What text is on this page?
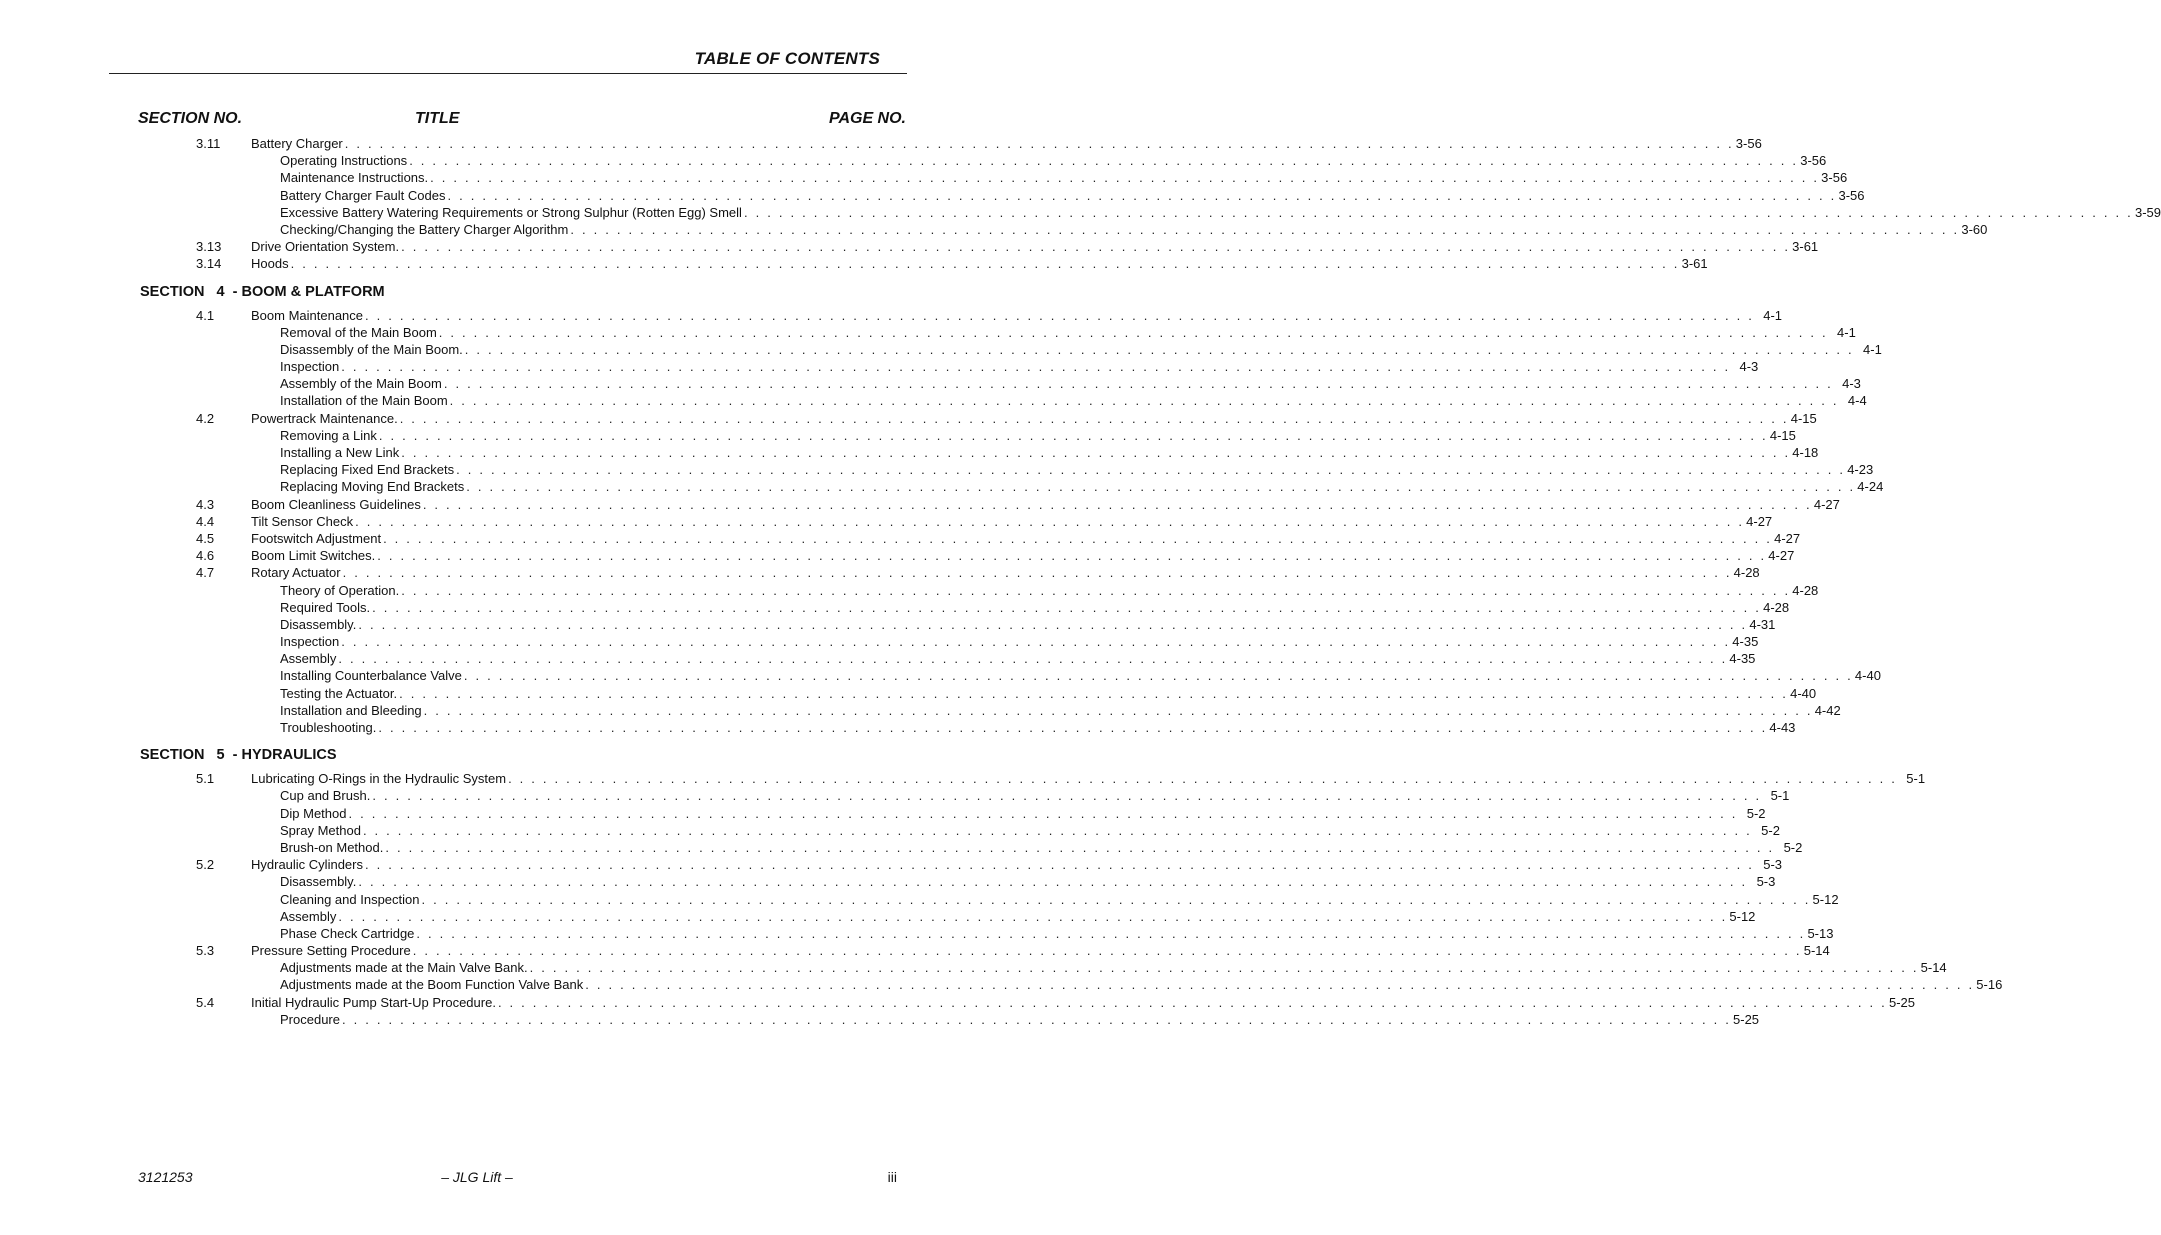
TABLE OF CONTENTS
SECTION NO.	TITLE	PAGE NO.
3.11 Battery Charger . . . . . . . . . . . . . . . . . . . . . . . . . . . . . . . . . . . . . . . . . . . . . . . . . . . . . . . . . . . . . . . . . . . . . . . . . . . . . . . . . . . . . . . . . . . . . . . . . . . . . . . . . . . . . . . . . . . . . . . . 3-56
Operating Instructions . . . . . . . . . . . . . . . . . . . . . . . . . . . . . . . . . . . . . . . . . . . . . . . . . . . . . . . . . . . . . . . . . . . . . . . . . . . . . . . . . . . . . . . . . . . . . . . . . . . . . . . . . . . . . . . . . . . . . . . . 3-56
Maintenance Instructions. . . . . . . . . . . . . . . . . . . . . . . . . . . . . . . . . . . . . . . . . . . . . . . . . . . . . . . . . . . . . . . . . . . . . . . . . . . . . . . . . . . . . . . . . . . . . . . . . . . . . . . . . . . . . . . . . . . . . . . . . 3-56
Battery Charger Fault Codes . . . . . . . . . . . . . . . . . . . . . . . . . . . . . . . . . . . . . . . . . . . . . . . . . . . . . . . . . . . . . . . . . . . . . . . . . . . . . . . . . . . . . . . . . . . . . . . . . . . . . . . . . . . . . . . . . . . . . . . . 3-56
Excessive Battery Watering Requirements or Strong Sulphur (Rotten Egg) Smell . . . . . . . . . . . . . . . . . . . . . . . . . . . . . . . . . . . . . . . . . . . . . . . . . . . . . . . . . . . . . . . . . . . . . . . . . . . . . . . . . . . . . . . . . . . . . . . . . . . . . . . . . . . . . . . . . . . . . . . . 3-59
Checking/Changing the Battery Charger Algorithm . . . . . . . . . . . . . . . . . . . . . . . . . . . . . . . . . . . . . . . . . . . . . . . . . . . . . . . . . . . . . . . . . . . . . . . . . . . . . . . . . . . . . . . . . . . . . . . . . . . . . . . . . . . . . . . . . . . . . . . . 3-60
3.13 Drive Orientation System. . . . . . . . . . . . . . . . . . . . . . . . . . . . . . . . . . . . . . . . . . . . . . . . . . . . . . . . . . . . . . . . . . . . . . . . . . . . . . . . . . . . . . . . . . . . . . . . . . . . . . . . . . . . . . . . . . . . . . . . . 3-61
3.14 Hoods . . . . . . . . . . . . . . . . . . . . . . . . . . . . . . . . . . . . . . . . . . . . . . . . . . . . . . . . . . . . . . . . . . . . . . . . . . . . . . . . . . . . . . . . . . . . . . . . . . . . . . . . . . . . . . . . . . . . . . . . 3-61
SECTION   4  - BOOM & PLATFORM
4.1	Boom Maintenance . . . . . . . . . . . . . . . . . . . . . . . . . . . . . . . . . . . . . . . . . . . . . . . . . . . . . . . . . . . . . . . . . . . . . . . . . . . . . . . . . . . . . . . . . . . . . . . . . . . . . . . . . . . . . . . . . . . . . . . . 4-1
Removal of the Main Boom . . . . . . . . . . . . . . . . . . . . . . . . . . . . . . . . . . . . . . . . . . . . . . . . . . . . . . . . . . . . . . . . . . . . . . . . . . . . . . . . . . . . . . . . . . . . . . . . . . . . . . . . . . . . . . . . . . . . . . . . 4-1
Disassembly of the Main Boom. . . . . . . . . . . . . . . . . . . . . . . . . . . . . . . . . . . . . . . . . . . . . . . . . . . . . . . . . . . . . . . . . . . . . . . . . . . . . . . . . . . . . . . . . . . . . . . . . . . . . . . . . . . . . . . . . . . . . . . . . 4-1
Inspection . . . . . . . . . . . . . . . . . . . . . . . . . . . . . . . . . . . . . . . . . . . . . . . . . . . . . . . . . . . . . . . . . . . . . . . . . . . . . . . . . . . . . . . . . . . . . . . . . . . . . . . . . . . . . . . . . . . . . . . . 4-3
Assembly of the Main Boom . . . . . . . . . . . . . . . . . . . . . . . . . . . . . . . . . . . . . . . . . . . . . . . . . . . . . . . . . . . . . . . . . . . . . . . . . . . . . . . . . . . . . . . . . . . . . . . . . . . . . . . . . . . . . . . . . . . . . . . . 4-3
Installation of the Main Boom . . . . . . . . . . . . . . . . . . . . . . . . . . . . . . . . . . . . . . . . . . . . . . . . . . . . . . . . . . . . . . . . . . . . . . . . . . . . . . . . . . . . . . . . . . . . . . . . . . . . . . . . . . . . . . . . . . . . . . . . 4-4
4.2	Powertrack Maintenance. . . . . . . . . . . . . . . . . . . . . . . . . . . . . . . . . . . . . . . . . . . . . . . . . . . . . . . . . . . . . . . . . . . . . . . . . . . . . . . . . . . . . . . . . . . . . . . . . . . . . . . . . . . . . . . . . . . . . . . . . 4-15
Removing a Link . . . . . . . . . . . . . . . . . . . . . . . . . . . . . . . . . . . . . . . . . . . . . . . . . . . . . . . . . . . . . . . . . . . . . . . . . . . . . . . . . . . . . . . . . . . . . . . . . . . . . . . . . . . . . . . . . . . . . . . . 4-15
Installing a New Link . . . . . . . . . . . . . . . . . . . . . . . . . . . . . . . . . . . . . . . . . . . . . . . . . . . . . . . . . . . . . . . . . . . . . . . . . . . . . . . . . . . . . . . . . . . . . . . . . . . . . . . . . . . . . . . . . . . . . . . . 4-18
Replacing Fixed End Brackets . . . . . . . . . . . . . . . . . . . . . . . . . . . . . . . . . . . . . . . . . . . . . . . . . . . . . . . . . . . . . . . . . . . . . . . . . . . . . . . . . . . . . . . . . . . . . . . . . . . . . . . . . . . . . . . . . . . . . . . . 4-23
Replacing Moving End Brackets . . . . . . . . . . . . . . . . . . . . . . . . . . . . . . . . . . . . . . . . . . . . . . . . . . . . . . . . . . . . . . . . . . . . . . . . . . . . . . . . . . . . . . . . . . . . . . . . . . . . . . . . . . . . . . . . . . . . . . . . 4-24
4.3	Boom Cleanliness Guidelines . . . . . . . . . . . . . . . . . . . . . . . . . . . . . . . . . . . . . . . . . . . . . . . . . . . . . . . . . . . . . . . . . . . . . . . . . . . . . . . . . . . . . . . . . . . . . . . . . . . . . . . . . . . . . . . . . . . . . . . . 4-27
4.4	Tilt Sensor Check . . . . . . . . . . . . . . . . . . . . . . . . . . . . . . . . . . . . . . . . . . . . . . . . . . . . . . . . . . . . . . . . . . . . . . . . . . . . . . . . . . . . . . . . . . . . . . . . . . . . . . . . . . . . . . . . . . . . . . . . 4-27
4.5	Footswitch Adjustment . . . . . . . . . . . . . . . . . . . . . . . . . . . . . . . . . . . . . . . . . . . . . . . . . . . . . . . . . . . . . . . . . . . . . . . . . . . . . . . . . . . . . . . . . . . . . . . . . . . . . . . . . . . . . . . . . . . . . . . . 4-27
4.6	Boom Limit Switches. . . . . . . . . . . . . . . . . . . . . . . . . . . . . . . . . . . . . . . . . . . . . . . . . . . . . . . . . . . . . . . . . . . . . . . . . . . . . . . . . . . . . . . . . . . . . . . . . . . . . . . . . . . . . . . . . . . . . . . . . 4-27
4.7	Rotary Actuator . . . . . . . . . . . . . . . . . . . . . . . . . . . . . . . . . . . . . . . . . . . . . . . . . . . . . . . . . . . . . . . . . . . . . . . . . . . . . . . . . . . . . . . . . . . . . . . . . . . . . . . . . . . . . . . . . . . . . . . . 4-28
Theory of Operation. . . . . . . . . . . . . . . . . . . . . . . . . . . . . . . . . . . . . . . . . . . . . . . . . . . . . . . . . . . . . . . . . . . . . . . . . . . . . . . . . . . . . . . . . . . . . . . . . . . . . . . . . . . . . . . . . . . . . . . . . 4-28
Required Tools. . . . . . . . . . . . . . . . . . . . . . . . . . . . . . . . . . . . . . . . . . . . . . . . . . . . . . . . . . . . . . . . . . . . . . . . . . . . . . . . . . . . . . . . . . . . . . . . . . . . . . . . . . . . . . . . . . . . . . . . . 4-28
Disassembly. . . . . . . . . . . . . . . . . . . . . . . . . . . . . . . . . . . . . . . . . . . . . . . . . . . . . . . . . . . . . . . . . . . . . . . . . . . . . . . . . . . . . . . . . . . . . . . . . . . . . . . . . . . . . . . . . . . . . . . . . 4-31
Inspection . . . . . . . . . . . . . . . . . . . . . . . . . . . . . . . . . . . . . . . . . . . . . . . . . . . . . . . . . . . . . . . . . . . . . . . . . . . . . . . . . . . . . . . . . . . . . . . . . . . . . . . . . . . . . . . . . . . . . . . . 4-35
Assembly . . . . . . . . . . . . . . . . . . . . . . . . . . . . . . . . . . . . . . . . . . . . . . . . . . . . . . . . . . . . . . . . . . . . . . . . . . . . . . . . . . . . . . . . . . . . . . . . . . . . . . . . . . . . . . . . . . . . . . . . 4-35
Installing Counterbalance Valve . . . . . . . . . . . . . . . . . . . . . . . . . . . . . . . . . . . . . . . . . . . . . . . . . . . . . . . . . . . . . . . . . . . . . . . . . . . . . . . . . . . . . . . . . . . . . . . . . . . . . . . . . . . . . . . . . . . . . . . . 4-40
Testing the Actuator. . . . . . . . . . . . . . . . . . . . . . . . . . . . . . . . . . . . . . . . . . . . . . . . . . . . . . . . . . . . . . . . . . . . . . . . . . . . . . . . . . . . . . . . . . . . . . . . . . . . . . . . . . . . . . . . . . . . . . . . . 4-40
Installation and Bleeding . . . . . . . . . . . . . . . . . . . . . . . . . . . . . . . . . . . . . . . . . . . . . . . . . . . . . . . . . . . . . . . . . . . . . . . . . . . . . . . . . . . . . . . . . . . . . . . . . . . . . . . . . . . . . . . . . . . . . . . . 4-42
Troubleshooting. . . . . . . . . . . . . . . . . . . . . . . . . . . . . . . . . . . . . . . . . . . . . . . . . . . . . . . . . . . . . . . . . . . . . . . . . . . . . . . . . . . . . . . . . . . . . . . . . . . . . . . . . . . . . . . . . . . . . . . . . 4-43
SECTION   5  - HYDRAULICS
5.1	Lubricating O-Rings in the Hydraulic System . . . . . . . . . . . . . . . . . . . . . . . . . . . . . . . . . . . . . . . . . . . . . . . . . . . . . . . . . . . . . . . . . . . . . . . . . . . . . . . . . . . . . . . . . . . . . . . . . . . . . . . . . . . . . . . . . . . . . . . . 5-1
Cup and Brush. . . . . . . . . . . . . . . . . . . . . . . . . . . . . . . . . . . . . . . . . . . . . . . . . . . . . . . . . . . . . . . . . . . . . . . . . . . . . . . . . . . . . . . . . . . . . . . . . . . . . . . . . . . . . . . . . . . . . . . . . 5-1
Dip Method . . . . . . . . . . . . . . . . . . . . . . . . . . . . . . . . . . . . . . . . . . . . . . . . . . . . . . . . . . . . . . . . . . . . . . . . . . . . . . . . . . . . . . . . . . . . . . . . . . . . . . . . . . . . . . . . . . . . . . . . 5-2
Spray Method . . . . . . . . . . . . . . . . . . . . . . . . . . . . . . . . . . . . . . . . . . . . . . . . . . . . . . . . . . . . . . . . . . . . . . . . . . . . . . . . . . . . . . . . . . . . . . . . . . . . . . . . . . . . . . . . . . . . . . . . 5-2
Brush-on Method. . . . . . . . . . . . . . . . . . . . . . . . . . . . . . . . . . . . . . . . . . . . . . . . . . . . . . . . . . . . . . . . . . . . . . . . . . . . . . . . . . . . . . . . . . . . . . . . . . . . . . . . . . . . . . . . . . . . . . . . . 5-2
5.2	Hydraulic Cylinders . . . . . . . . . . . . . . . . . . . . . . . . . . . . . . . . . . . . . . . . . . . . . . . . . . . . . . . . . . . . . . . . . . . . . . . . . . . . . . . . . . . . . . . . . . . . . . . . . . . . . . . . . . . . . . . . . . . . . . . . 5-3
Disassembly. . . . . . . . . . . . . . . . . . . . . . . . . . . . . . . . . . . . . . . . . . . . . . . . . . . . . . . . . . . . . . . . . . . . . . . . . . . . . . . . . . . . . . . . . . . . . . . . . . . . . . . . . . . . . . . . . . . . . . . . . 5-3
Cleaning and Inspection . . . . . . . . . . . . . . . . . . . . . . . . . . . . . . . . . . . . . . . . . . . . . . . . . . . . . . . . . . . . . . . . . . . . . . . . . . . . . . . . . . . . . . . . . . . . . . . . . . . . . . . . . . . . . . . . . . . . . . . . 5-12
Assembly . . . . . . . . . . . . . . . . . . . . . . . . . . . . . . . . . . . . . . . . . . . . . . . . . . . . . . . . . . . . . . . . . . . . . . . . . . . . . . . . . . . . . . . . . . . . . . . . . . . . . . . . . . . . . . . . . . . . . . . . 5-12
Phase Check Cartridge . . . . . . . . . . . . . . . . . . . . . . . . . . . . . . . . . . . . . . . . . . . . . . . . . . . . . . . . . . . . . . . . . . . . . . . . . . . . . . . . . . . . . . . . . . . . . . . . . . . . . . . . . . . . . . . . . . . . . . . . 5-13
5.3	Pressure Setting Procedure . . . . . . . . . . . . . . . . . . . . . . . . . . . . . . . . . . . . . . . . . . . . . . . . . . . . . . . . . . . . . . . . . . . . . . . . . . . . . . . . . . . . . . . . . . . . . . . . . . . . . . . . . . . . . . . . . . . . . . . . 5-14
Adjustments made at the Main Valve Bank. . . . . . . . . . . . . . . . . . . . . . . . . . . . . . . . . . . . . . . . . . . . . . . . . . . . . . . . . . . . . . . . . . . . . . . . . . . . . . . . . . . . . . . . . . . . . . . . . . . . . . . . . . . . . . . . . . . . . . . . . 5-14
Adjustments made at the Boom Function Valve Bank . . . . . . . . . . . . . . . . . . . . . . . . . . . . . . . . . . . . . . . . . . . . . . . . . . . . . . . . . . . . . . . . . . . . . . . . . . . . . . . . . . . . . . . . . . . . . . . . . . . . . . . . . . . . . . . . . . . . . . . . 5-16
5.4	Initial Hydraulic Pump Start-Up Procedure. . . . . . . . . . . . . . . . . . . . . . . . . . . . . . . . . . . . . . . . . . . . . . . . . . . . . . . . . . . . . . . . . . . . . . . . . . . . . . . . . . . . . . . . . . . . . . . . . . . . . . . . . . . . . . . . . . . . . . . . . 5-25
Procedure . . . . . . . . . . . . . . . . . . . . . . . . . . . . . . . . . . . . . . . . . . . . . . . . . . . . . . . . . . . . . . . . . . . . . . . . . . . . . . . . . . . . . . . . . . . . . . . . . . . . . . . . . . . . . . . . . . . . . . . . 5-25
3121253	– JLG Lift –	iii
